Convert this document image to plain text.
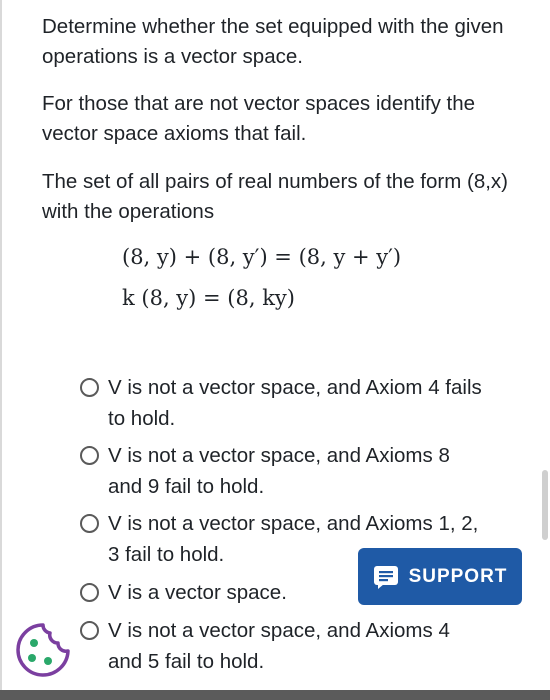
Determine whether the set equipped with the given operations is a vector space.

For those that are not vector spaces identify the vector space axioms that fail.

The set of all pairs of real numbers of the form (8,x) with the operations

(8, y) + (8, y′) = (8, y + y′)
k (8, y) = (8, ky)
V is not a vector space, and Axiom 4 fails to hold.
V is not a vector space, and Axioms 8 and 9 fail to hold.
V is not a vector space, and Axioms 1, 2, 3 fail to hold.
V is a vector space.
V is not a vector space, and Axioms 4 and 5 fail to hold.
SUPPORT
